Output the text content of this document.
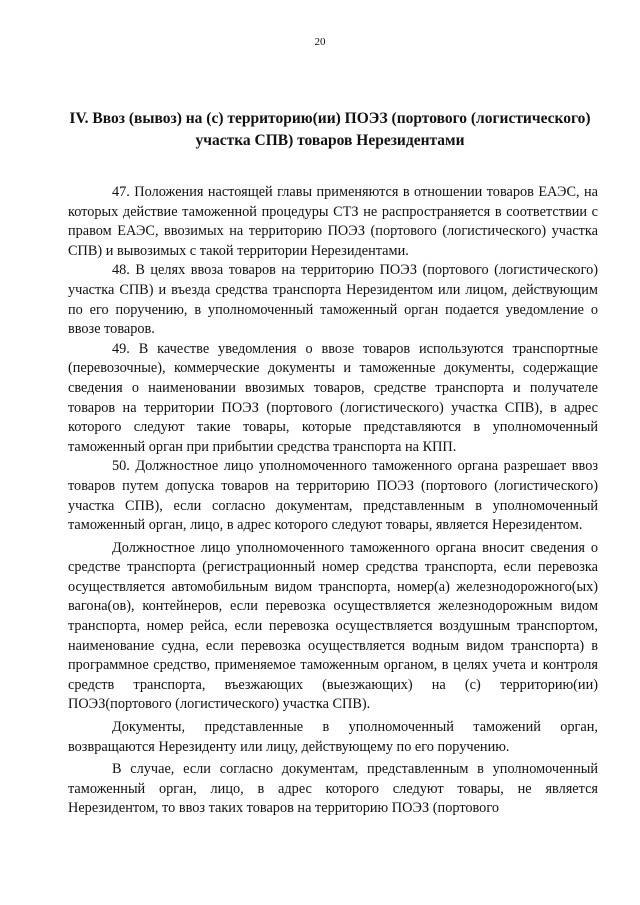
20
IV. Ввоз (вывоз) на (с) территорию(ии) ПОЭЗ (портового (логистического)
участка СПВ) товаров Нерезидентами

47. Положения настоящей главы применяются в отношении товаров ЕАЭС, на которых действие таможенной процедуры СТЗ не распространяется в соответствии с правом ЕАЭС, ввозимых на территорию ПОЭЗ (портового (логистического) участка СПВ) и вывозимых с такой территории Нерезидентами.

48. В целях ввоза товаров на территорию ПОЭЗ (портового (логистического) участка СПВ) и въезда средства транспорта Нерезидентом или лицом, действующим по его поручению, в уполномоченный таможенный орган подается уведомление о ввозе товаров.

49. В качестве уведомления о ввозе товаров используются транспортные (перевозочные), коммерческие документы и таможенные документы, содержащие сведения о наименовании ввозимых товаров, средстве транспорта и получателе товаров на территории ПОЭЗ (портового (логистического) участка СПВ), в адрес которого следуют такие товары, которые представляются в уполномоченный таможенный орган при прибытии средства транспорта на КПП.

50. Должностное лицо уполномоченного таможенного органа разрешает ввоз товаров путем допуска товаров на территорию ПОЭЗ (портового (логистического) участка СПВ), если согласно документам, представленным в уполномоченный таможенный орган, лицо, в адрес которого следуют товары, является Нерезидентом.

Должностное лицо уполномоченного таможенного органа вносит сведения о средстве транспорта (регистрационный номер средства транспорта, если перевозка осуществляется автомобильным видом транспорта, номер(а) железнодорожного(ых) вагона(ов), контейнеров, если перевозка осуществляется железнодорожным видом транспорта, номер рейса, если перевозка осуществляется воздушным транспортом, наименование судна, если перевозка осуществляется водным видом транспорта) в программное средство, применяемое таможенным органом, в целях учета и контроля средств транспорта, въезжающих (выезжающих) на (с) территорию(ии) ПОЭЗ(портового (логистического) участка СПВ).

Документы, представленные в уполномоченный таможений орган, возвращаются Нерезиденту или лицу, действующему по его поручению.

В случае, если согласно документам, представленным в уполномоченный таможенный орган, лицо, в адрес которого следуют товары, не является Нерезидентом, то ввоз таких товаров на территорию ПОЭЗ (портового
